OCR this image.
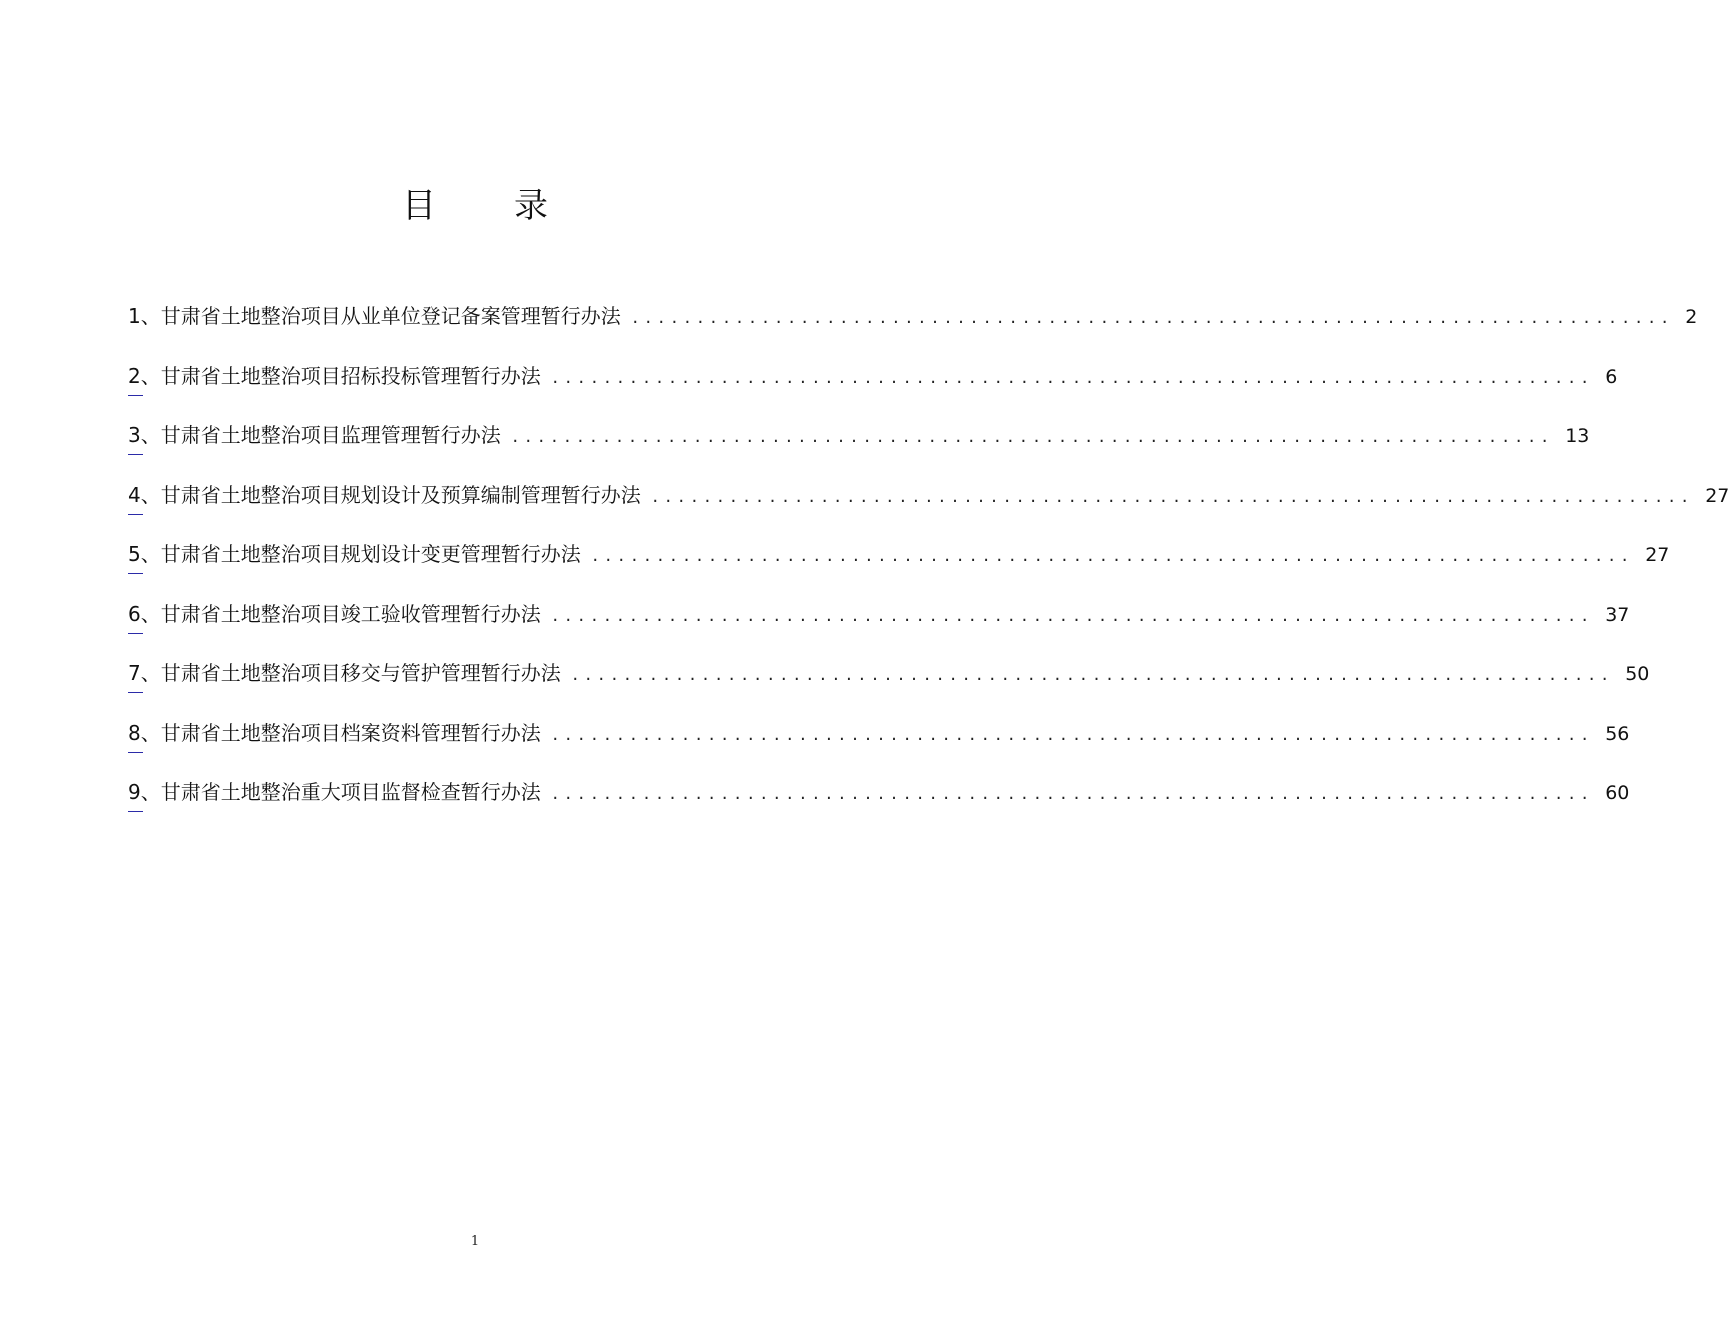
目录
1 、甘肃省土地整治项目从业单位登记备案管理暂行办法 ................................................................................ 2
2 、甘肃省土地整治项目招标投标管理暂行办法 ................................................................................ 6
3 、甘肃省土地整治项目监理管理暂行办法 ................................................................................ 13
4 、甘肃省土地整治项目规划设计及预算编制管理暂行办法 ................................................................................ 27
5 、甘肃省土地整治项目规划设计变更管理暂行办法 ................................................................................ 27
6 、甘肃省土地整治项目竣工验收管理暂行办法 ................................................................................ 37
7 、甘肃省土地整治项目移交与管护管理暂行办法 ................................................................................ 50
8 、甘肃省土地整治项目档案资料管理暂行办法 ................................................................................ 56
9 、甘肃省土地整治重大项目监督检查暂行办法 ................................................................................ 60
1
